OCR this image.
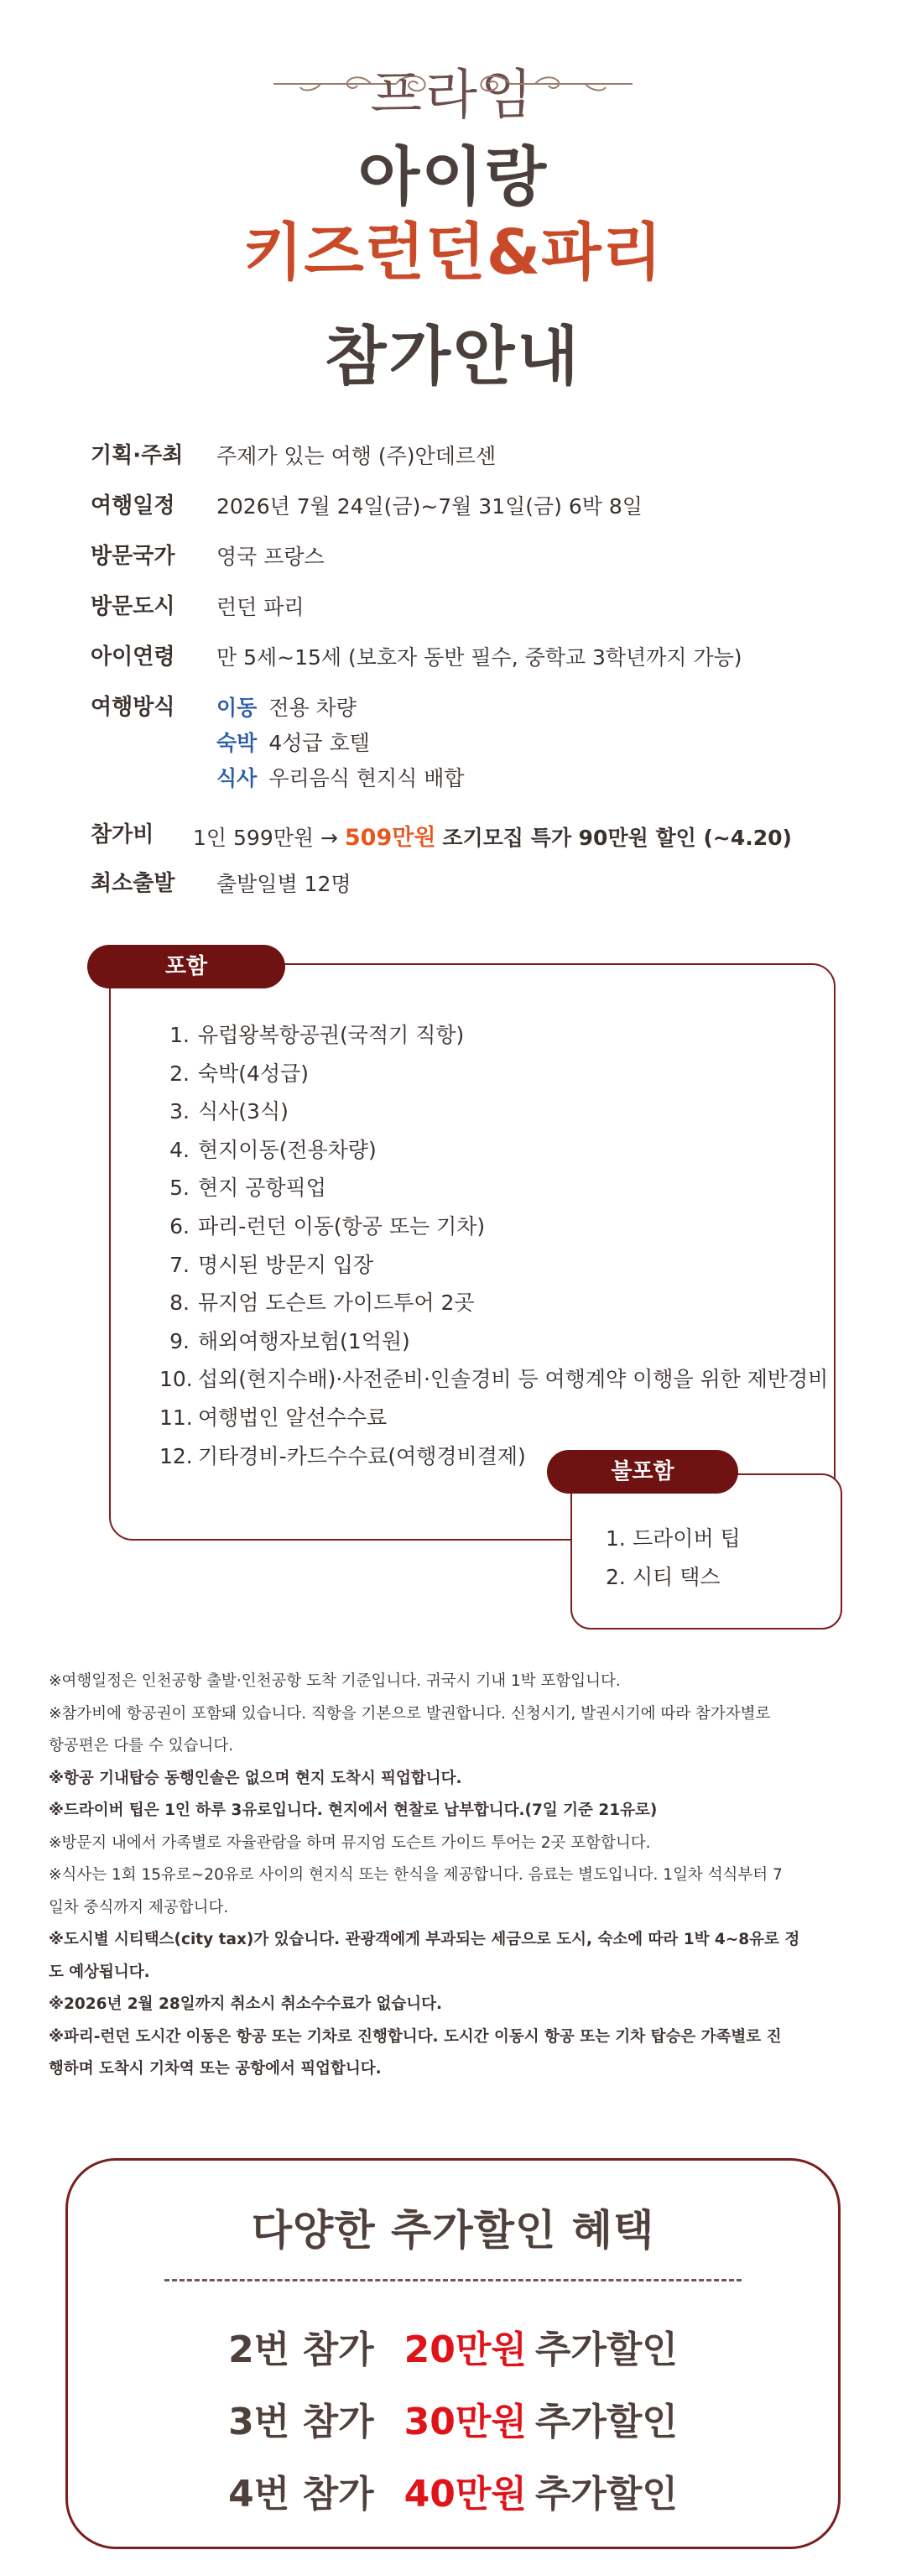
프라임
아이랑
키즈런던&파리
참가안내
기획·주최	주제가 있는 여행 (주)안데르센
여행일정	2026년 7월 24일(금)~7월 31일(금) 6박 8일
방문국가	영국 프랑스
방문도시	런던 파리
아이연령	만 5세~15세 (보호자 동반 필수, 중학교 3학년까지 가능)
여행방식	이동 전용 차량
숙박 4성급 호텔
식사 우리음식 현지식 배합
참가비	1인 599만원 → 509만원 조기모집 특가 90만원 할인 (~4.20)
최소출발	출발일별 12명
포함
1. 유럽왕복항공권(국적기 직항)
2. 숙박(4성급)
3. 식사(3식)
4. 현지이동(전용차량)
5. 현지 공항픽업
6. 파리-런던 이동(항공 또는 기차)
7. 명시된 방문지 입장
8. 뮤지엄 도슨트 가이드투어 2곳
9. 해외여행자보험(1억원)
10. 섭외(현지수배)·사전준비·인솔경비 등 여행계약 이행을 위한 제반경비
11. 여행법인 알선수수료
12. 기타경비-카드수수료(여행경비결제)
불포함
1. 드라이버 팁
2. 시티 택스
※여행일정은 인천공항 출발·인천공항 도착 기준입니다. 귀국시 기내 1박 포함입니다.
※참가비에 항공권이 포함돼 있습니다. 직항을 기본으로 발권합니다. 신청시기, 발권시기에 따라 참가자별로
항공편은 다를 수 있습니다.
※항공 기내탑승 동행인솔은 없으며 현지 도착시 픽업합니다.
※드라이버 팁은 1인 하루 3유로입니다. 현지에서 현찰로 납부합니다.(7일 기준 21유로)
※방문지 내에서 가족별로 자율관람을 하며 뮤지엄 도슨트 가이드 투어는 2곳 포함합니다.
※식사는 1회 15유로~20유로 사이의 현지식 또는 한식을 제공합니다. 음료는 별도입니다. 1일차 석식부터 7
일차 중식까지 제공합니다.
※도시별 시티택스(city tax)가 있습니다. 관광객에게 부과되는 세금으로 도시, 숙소에 따라 1박 4~8유로 정
도 예상됩니다.
※2026년 2월 28일까지 취소시 취소수수료가 없습니다.
※파리-런던 도시간 이동은 항공 또는 기차로 진행합니다. 도시간 이동시 항공 또는 기차 탑승은 가족별로 진
행하며 도착시 기차역 또는 공항에서 픽업합니다.
다양한 추가할인 혜택
2번 참가 20만원 추가할인
3번 참가 30만원 추가할인
4번 참가 40만원 추가할인
